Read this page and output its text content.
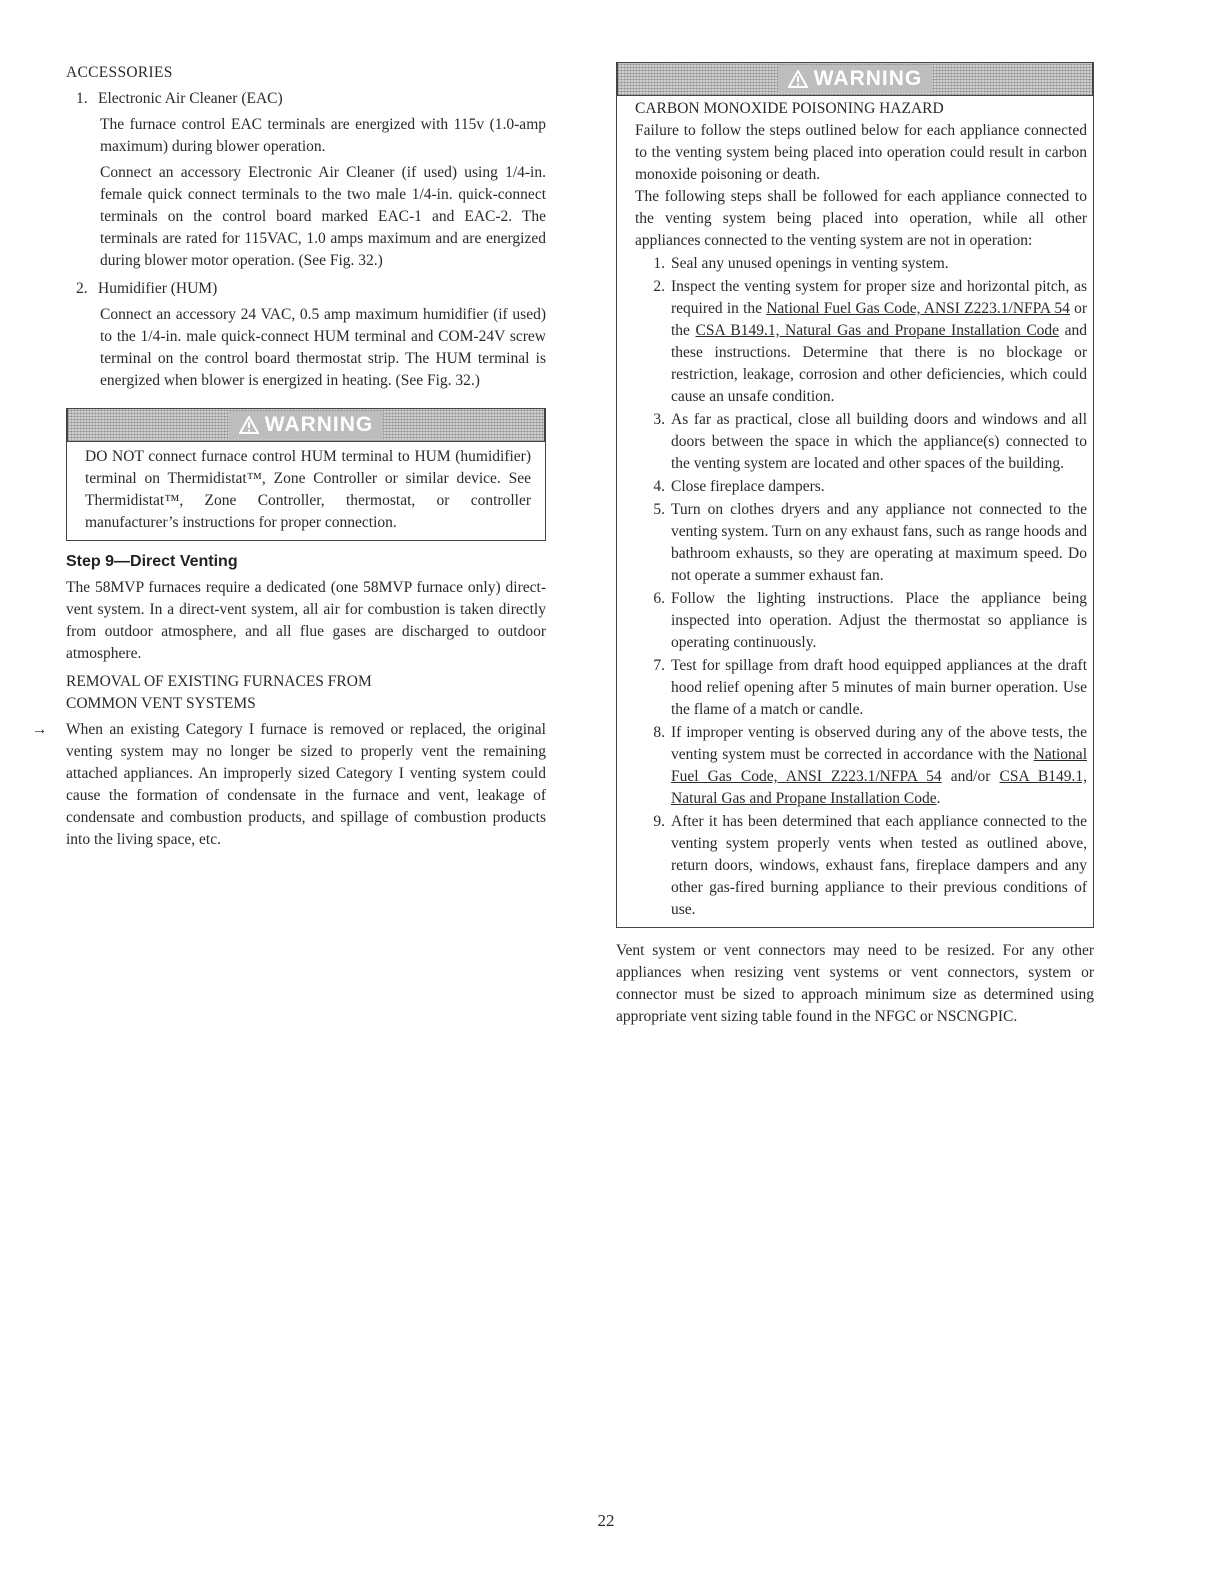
ACCESSORIES

1. Electronic Air Cleaner (EAC)

The furnace control EAC terminals are energized with 115v (1.0-amp maximum) during blower operation.

Connect an accessory Electronic Air Cleaner (if used) using 1/4-in. female quick connect terminals to the two male 1/4-in. quick-connect terminals on the control board marked EAC-1 and EAC-2. The terminals are rated for 115VAC, 1.0 amps maximum and are energized during blower motor operation. (See Fig. 32.)

2. Humidifier (HUM)

Connect an accessory 24 VAC, 0.5 amp maximum humidifier (if used) to the 1/4-in. male quick-connect HUM terminal and COM-24V screw terminal on the control board thermostat strip. The HUM terminal is energized when blower is energized in heating. (See Fig. 32.)

WARNING

DO NOT connect furnace control HUM terminal to HUM (humidifier) terminal on Thermidistat™, Zone Controller or similar device. See Thermidistat™, Zone Controller, thermostat, or controller manufacturer’s instructions for proper connection.

Step 9—Direct Venting

The 58MVP furnaces require a dedicated (one 58MVP furnace only) direct-vent system. In a direct-vent system, all air for combustion is taken directly from outdoor atmosphere, and all flue gases are discharged to outdoor atmosphere.

REMOVAL OF EXISTING FURNACES FROM
COMMON VENT SYSTEMS

→ When an existing Category I furnace is removed or replaced, the original venting system may no longer be sized to properly vent the remaining attached appliances. An improperly sized Category I venting system could cause the formation of condensate in the furnace and vent, leakage of condensate and combustion products, and spillage of combustion products into the living space, etc.

WARNING

CARBON MONOXIDE POISONING HAZARD

Failure to follow the steps outlined below for each appliance connected to the venting system being placed into operation could result in carbon monoxide poisoning or death.

The following steps shall be followed for each appliance connected to the venting system being placed into operation, while all other appliances connected to the venting system are not in operation:

1. Seal any unused openings in venting system.
2. Inspect the venting system for proper size and horizontal pitch, as required in the National Fuel Gas Code, ANSI Z223.1/NFPA 54 or the CSA B149.1, Natural Gas and Propane Installation Code and these instructions. Determine that there is no blockage or restriction, leakage, corrosion and other deficiencies, which could cause an unsafe condition.
3. As far as practical, close all building doors and windows and all doors between the space in which the appliance(s) connected to the venting system are located and other spaces of the building.
4. Close fireplace dampers.
5. Turn on clothes dryers and any appliance not connected to the venting system. Turn on any exhaust fans, such as range hoods and bathroom exhausts, so they are operating at maximum speed. Do not operate a summer exhaust fan.
6. Follow the lighting instructions. Place the appliance being inspected into operation. Adjust the thermostat so appliance is operating continuously.
7. Test for spillage from draft hood equipped appliances at the draft hood relief opening after 5 minutes of main burner operation. Use the flame of a match or candle.
8. If improper venting is observed during any of the above tests, the venting system must be corrected in accordance with the National Fuel Gas Code, ANSI Z223.1/NFPA 54 and/or CSA B149.1, Natural Gas and Propane Installation Code.
9. After it has been determined that each appliance connected to the venting system properly vents when tested as outlined above, return doors, windows, exhaust fans, fireplace dampers and any other gas-fired burning appliance to their previous conditions of use.

Vent system or vent connectors may need to be resized. For any other appliances when resizing vent systems or vent connectors, system or connector must be sized to approach minimum size as determined using appropriate vent sizing table found in the NFGC or NSCNGPIC.

22
